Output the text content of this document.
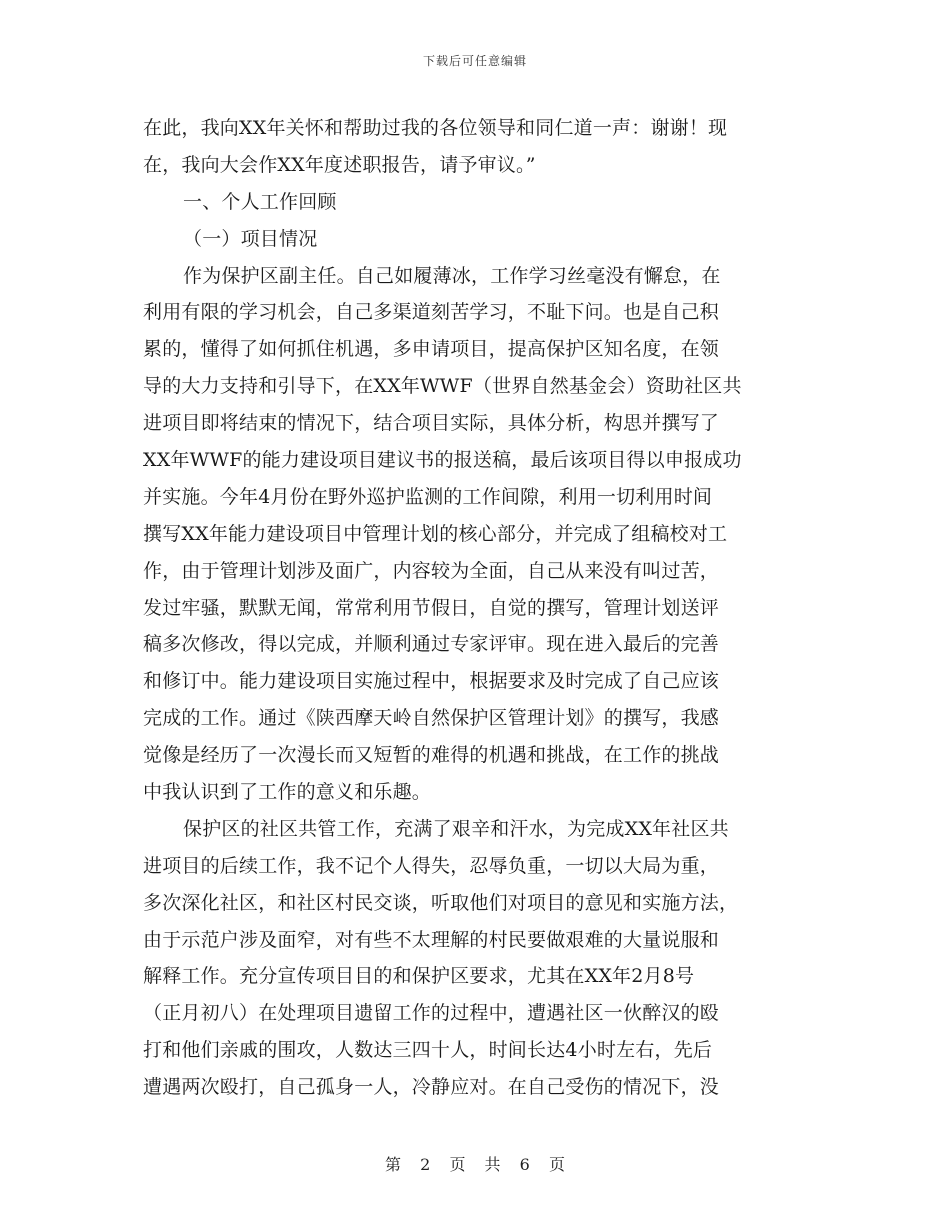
下载后可任意编辑
在此，我向XX年关怀和帮助过我的各位领导和同仁道一声：谢谢！现
在，我向大会作XX年度述职报告，请予审议。”
一、个人工作回顾
（一）项目情况
作为保护区副主任。自己如履薄冰，工作学习丝毫没有懈怠，在
利用有限的学习机会，自己多渠道刻苦学习，不耻下问。也是自己积
累的，懂得了如何抓住机遇，多申请项目，提高保护区知名度，在领
导的大力支持和引导下，在XX年WWF（世界自然基金会）资助社区共
进项目即将结束的情况下，结合项目实际，具体分析，构思并撰写了
XX年WWF的能力建设项目建议书的报送稿，最后该项目得以申报成功
并实施。今年4月份在野外巡护监测的工作间隙，利用一切利用时间
撰写XX年能力建设项目中管理计划的核心部分，并完成了组稿校对工
作，由于管理计划涉及面广，内容较为全面，自己从来没有叫过苦，
发过牢骚，默默无闻，常常利用节假日，自觉的撰写，管理计划送评
稿多次修改，得以完成，并顺利通过专家评审。现在进入最后的完善
和修订中。能力建设项目实施过程中，根据要求及时完成了自己应该
完成的工作。通过《陕西摩天岭自然保护区管理计划》的撰写，我感
觉像是经历了一次漫长而又短暂的难得的机遇和挑战，在工作的挑战
中我认识到了工作的意义和乐趣。
保护区的社区共管工作，充满了艰辛和汗水，为完成XX年社区共
进项目的后续工作，我不记个人得失，忍辱负重，一切以大局为重，
多次深化社区，和社区村民交谈，听取他们对项目的意见和实施方法，
由于示范户涉及面窄，对有些不太理解的村民要做艰难的大量说服和
解释工作。充分宣传项目目的和保护区要求，尤其在XX年2月8号
（正月初八）在处理项目遗留工作的过程中，遭遇社区一伙醉汉的殴
打和他们亲戚的围攻，人数达三四十人，时间长达4小时左右，先后
遭遇两次殴打，自己孤身一人，冷静应对。在自己受伤的情况下，没
第 2 页 共 6 页
